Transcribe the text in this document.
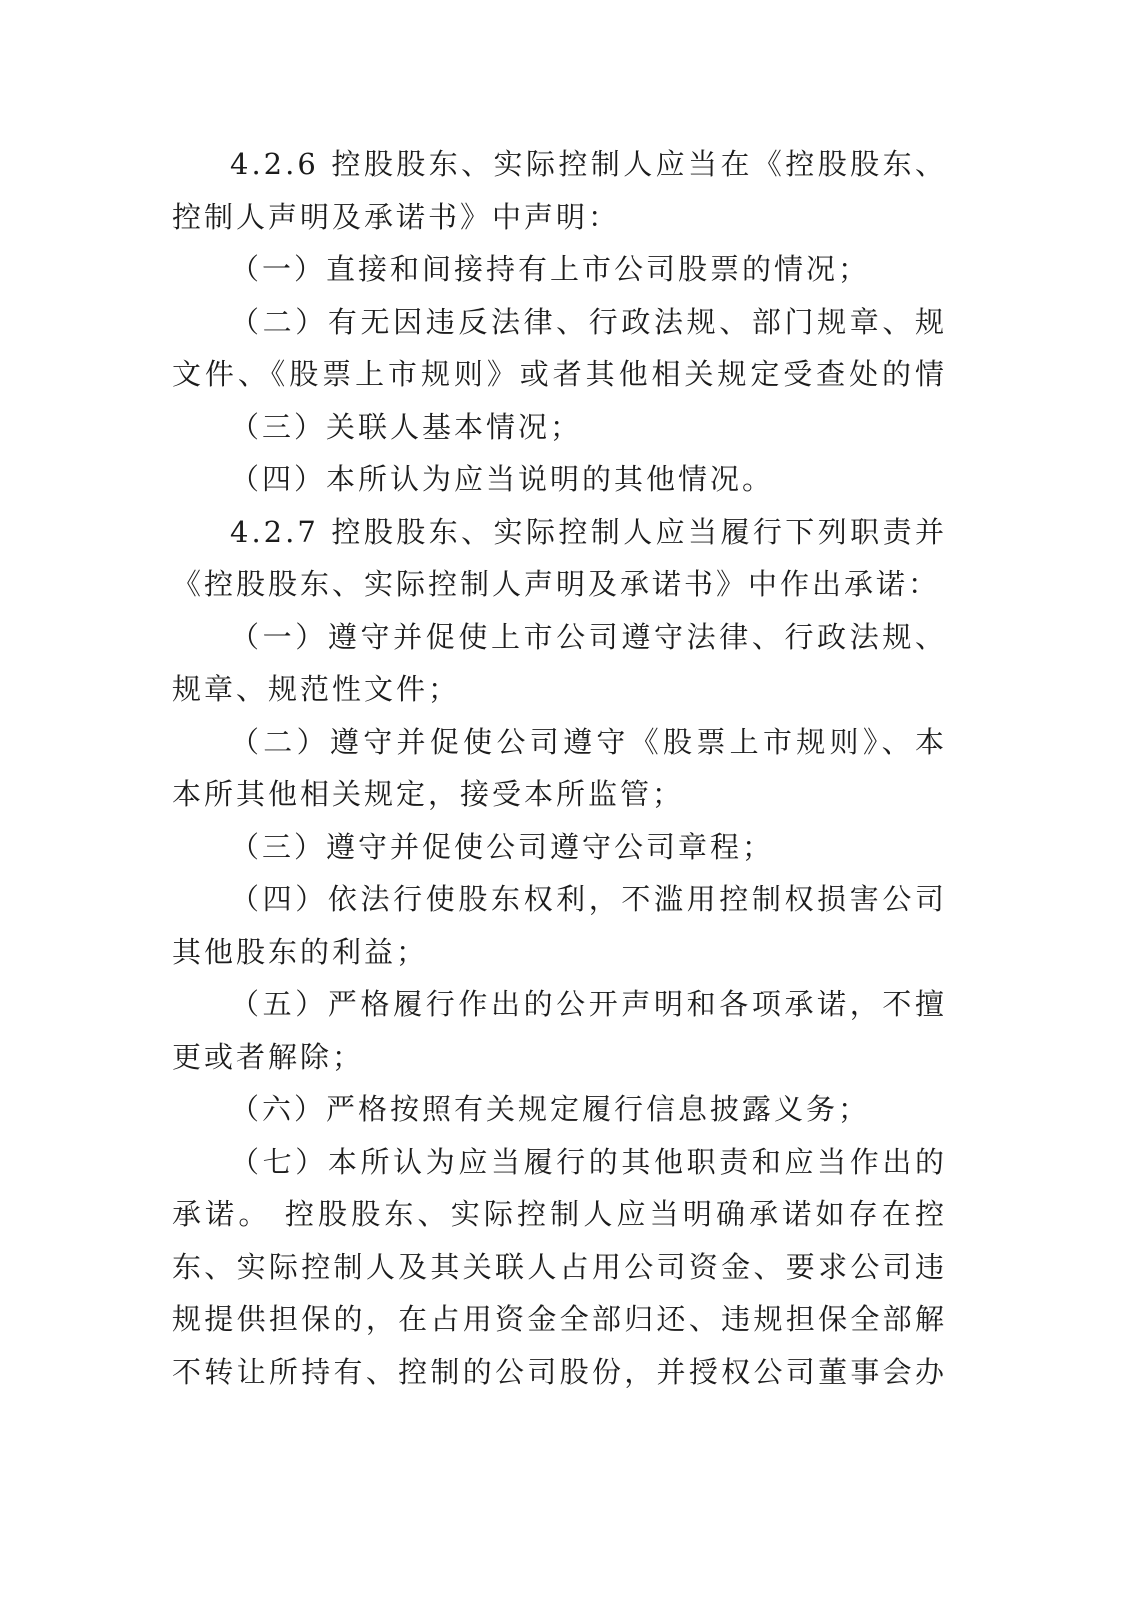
4.2.6 控股股东、实际控制人应当在《控股股东、
控制人声明及承诺书》中声明：
（一）直接和间接持有上市公司股票的情况；
（二）有无因违反法律、行政法规、部门规章、规
文件、《股票上市规则》或者其他相关规定受查处的情
（三）关联人基本情况；
（四）本所认为应当说明的其他情况。
4.2.7 控股股东、实际控制人应当履行下列职责并
《控股股东、实际控制人声明及承诺书》中作出承诺：
（一）遵守并促使上市公司遵守法律、行政法规、
规章、规范性文件；
（二）遵守并促使公司遵守《股票上市规则》、本
本所其他相关规定，接受本所监管；
（三）遵守并促使公司遵守公司章程；
（四）依法行使股东权利，不滥用控制权损害公司
其他股东的利益；
（五）严格履行作出的公开声明和各项承诺，不擅
更或者解除；
（六）严格按照有关规定履行信息披露义务；
（七）本所认为应当履行的其他职责和应当作出的
承诺。 控股股东、实际控制人应当明确承诺如存在控
东、实际控制人及其关联人占用公司资金、要求公司违
规提供担保的，在占用资金全部归还、违规担保全部解
不转让所持有、控制的公司股份，并授权公司董事会办
